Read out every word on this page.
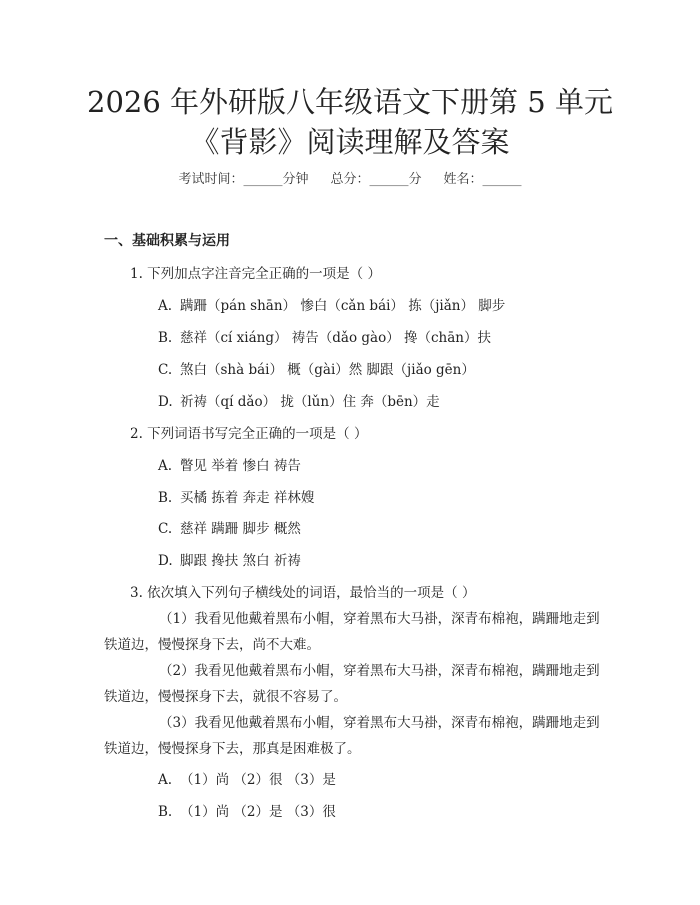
2026 年外研版八年级语文下册第 5 单元《背影》阅读理解及答案
考试时间：______分钟 总分：______分 姓名：______
一、基础积累与运用
1. 下列加点字注音完全正确的一项是（ ）
A. 蹒跚（pán shān） 惨白（cǎn bái） 拣（jiǎn） 脚步
B. 慈祥（cí xiáng） 祷告（dǎo gào） 搀（chān）扶
C. 煞白（shà bái） 概（gài）然 脚跟（jiǎo gēn）
D. 祈祷（qí dǎo） 拢（lǔn）住 奔（bēn）走
2. 下列词语书写完全正确的一项是（ ）
A. 瞥见 举着 惨白 祷告
B. 买橘 拣着 奔走 祥林嫂
C. 慈祥 蹒跚 脚步 概然
D. 脚跟 搀扶 煞白 祈祷
3. 依次填入下列句子横线处的词语，最恰当的一项是（ ）
（1）我看见他戴着黑布小帽，穿着黑布大马褂，深青布棉袍，蹒跚地走到铁道边，慢慢探身下去，尚不大难。
（2）我看见他戴着黑布小帽，穿着黑布大马褂，深青布棉袍，蹒跚地走到铁道边，慢慢探身下去，就很不容易了。
（3）我看见他戴着黑布小帽，穿着黑布大马褂，深青布棉袍，蹒跚地走到铁道边，慢慢探身下去，那真是困难极了。
A. （1）尚 （2）很 （3）是
B. （1）尚 （2）是 （3）很
